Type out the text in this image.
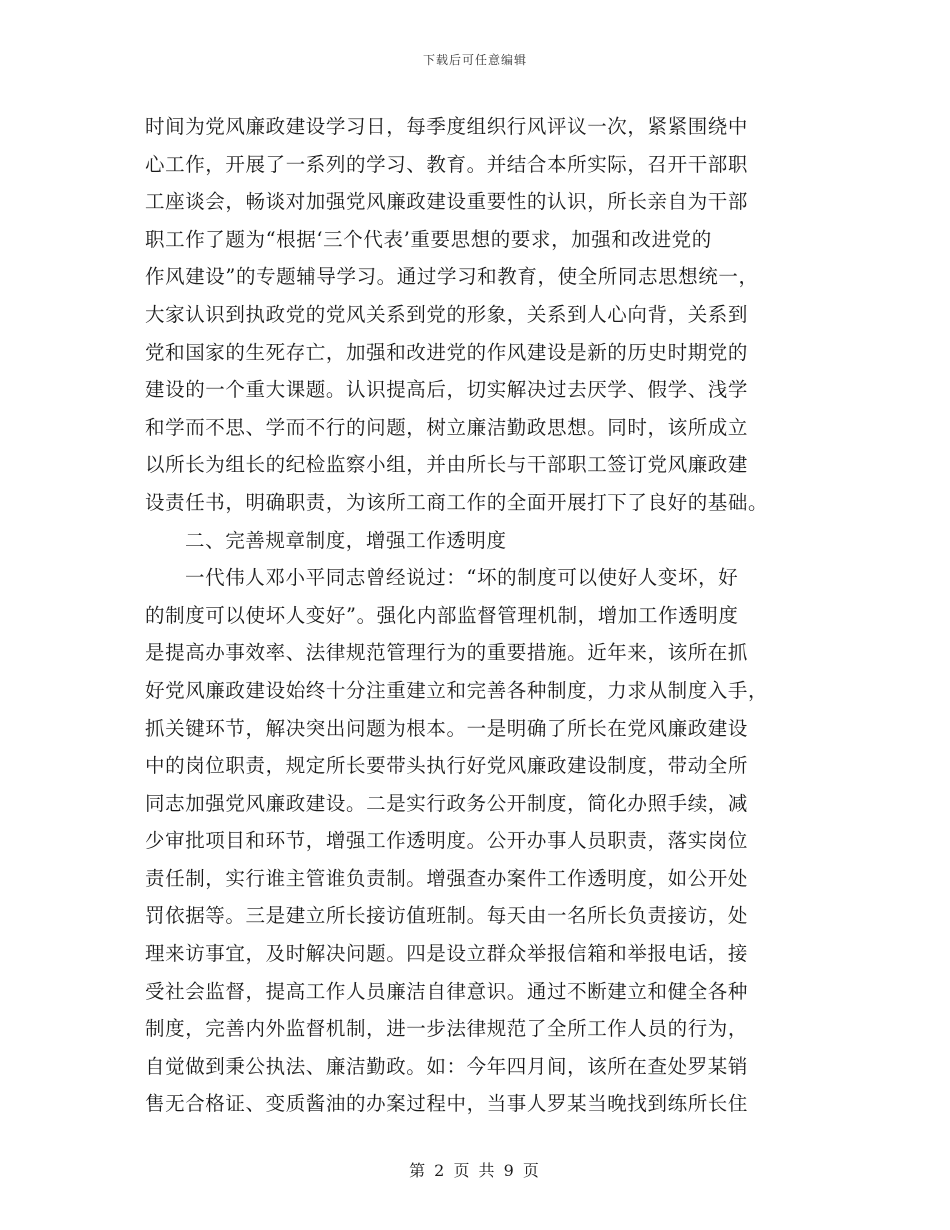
下载后可任意编辑
时间为党风廉政建设学习日，每季度组织行风评议一次，紧紧围绕中
心工作，开展了一系列的学习、教育。并结合本所实际，召开干部职
工座谈会，畅谈对加强党风廉政建设重要性的认识，所长亲自为干部
职工作了题为“根据‘三个代表’重要思想的要求，加强和改进党的
作风建设”的专题辅导学习。通过学习和教育，使全所同志思想统一，
大家认识到执政党的党风关系到党的形象，关系到人心向背，关系到
党和国家的生死存亡，加强和改进党的作风建设是新的历史时期党的
建设的一个重大课题。认识提高后，切实解决过去厌学、假学、浅学
和学而不思、学而不行的问题，树立廉洁勤政思想。同时，该所成立
以所长为组长的纪检监察小组，并由所长与干部职工签订党风廉政建
设责任书，明确职责，为该所工商工作的全面开展打下了良好的基础。
二、完善规章制度，增强工作透明度
一代伟人邓小平同志曾经说过：“坏的制度可以使好人变坏，好
的制度可以使坏人变好”。强化内部监督管理机制，增加工作透明度
是提高办事效率、法律规范管理行为的重要措施。近年来，该所在抓
好党风廉政建设始终十分注重建立和完善各种制度，力求从制度入手，
抓关键环节，解决突出问题为根本。一是明确了所长在党风廉政建设
中的岗位职责，规定所长要带头执行好党风廉政建设制度，带动全所
同志加强党风廉政建设。二是实行政务公开制度，简化办照手续，减
少审批项目和环节，增强工作透明度。公开办事人员职责，落实岗位
责任制，实行谁主管谁负责制。增强查办案件工作透明度，如公开处
罚依据等。三是建立所长接访值班制。每天由一名所长负责接访，处
理来访事宜，及时解决问题。四是设立群众举报信箱和举报电话，接
受社会监督，提高工作人员廉洁自律意识。通过不断建立和健全各种
制度，完善内外监督机制，进一步法律规范了全所工作人员的行为，
自觉做到秉公执法、廉洁勤政。如：今年四月间，该所在查处罗某销
售无合格证、变质酱油的办案过程中，当事人罗某当晚找到练所长住
第 2 页 共 9 页
